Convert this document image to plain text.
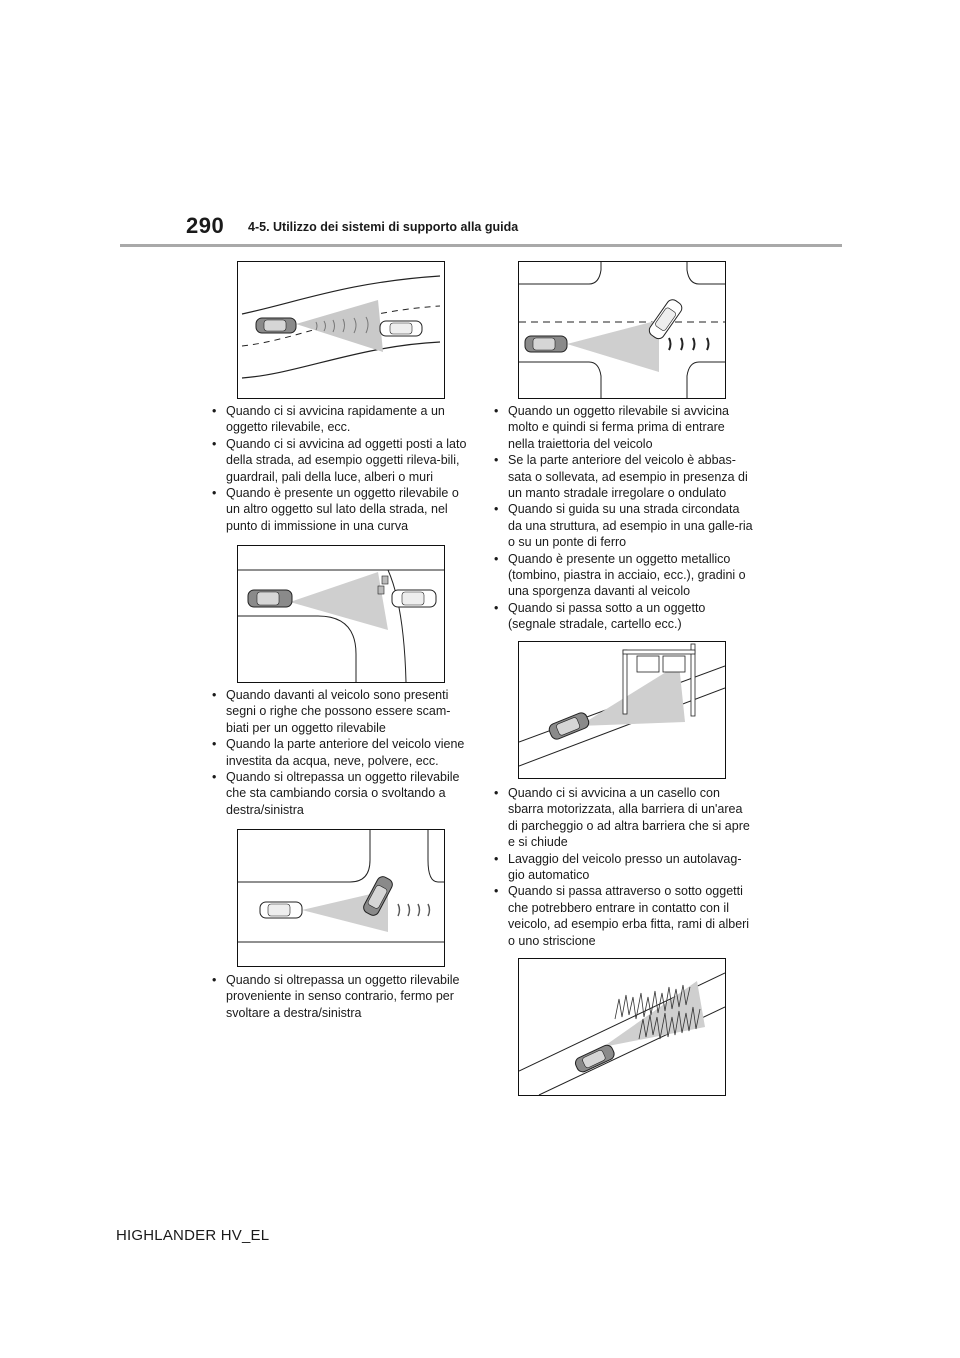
290 4-5. Utilizzo dei sistemi di supporto alla guida
• Quando ci si avvicina rapidamente a un oggetto rilevabile, ecc.
• Quando ci si avvicina ad oggetti posti a lato della strada, ad esempio oggetti rileva-bili, guardrail, pali della luce, alberi o muri
• Quando è presente un oggetto rilevabile o un altro oggetto sul lato della strada, nel punto di immissione in una curva
• Quando un oggetto rilevabile si avvicina molto e quindi si ferma prima di entrare nella traiettoria del veicolo
• Se la parte anteriore del veicolo è abbas-sata o sollevata, ad esempio in presenza di un manto stradale irregolare o ondulato
• Quando si guida su una strada circondata da una struttura, ad esempio in una galle-ria o su un ponte di ferro
• Quando è presente un oggetto metallico (tombino, piastra in acciaio, ecc.), gradini o una sporgenza davanti al veicolo
• Quando si passa sotto a un oggetto (segnale stradale, cartello ecc.)
• Quando davanti al veicolo sono presenti segni o righe che possono essere scam-biati per un oggetto rilevabile
• Quando la parte anteriore del veicolo viene investita da acqua, neve, polvere, ecc.
• Quando si oltrepassa un oggetto rilevabile che sta cambiando corsia o svoltando a destra/sinistra
• Quando ci si avvicina a un casello con sbarra motorizzata, alla barriera di un'area di parcheggio o ad altra barriera che si apre e si chiude
• Lavaggio del veicolo presso un autolavag-gio automatico
• Quando si passa attraverso o sotto oggetti che potrebbero entrare in contatto con il veicolo, ad esempio erba fitta, rami di alberi o uno striscione
• Quando si oltrepassa un oggetto rilevabile proveniente in senso contrario, fermo per svoltare a destra/sinistra
HIGHLANDER HV_EL
